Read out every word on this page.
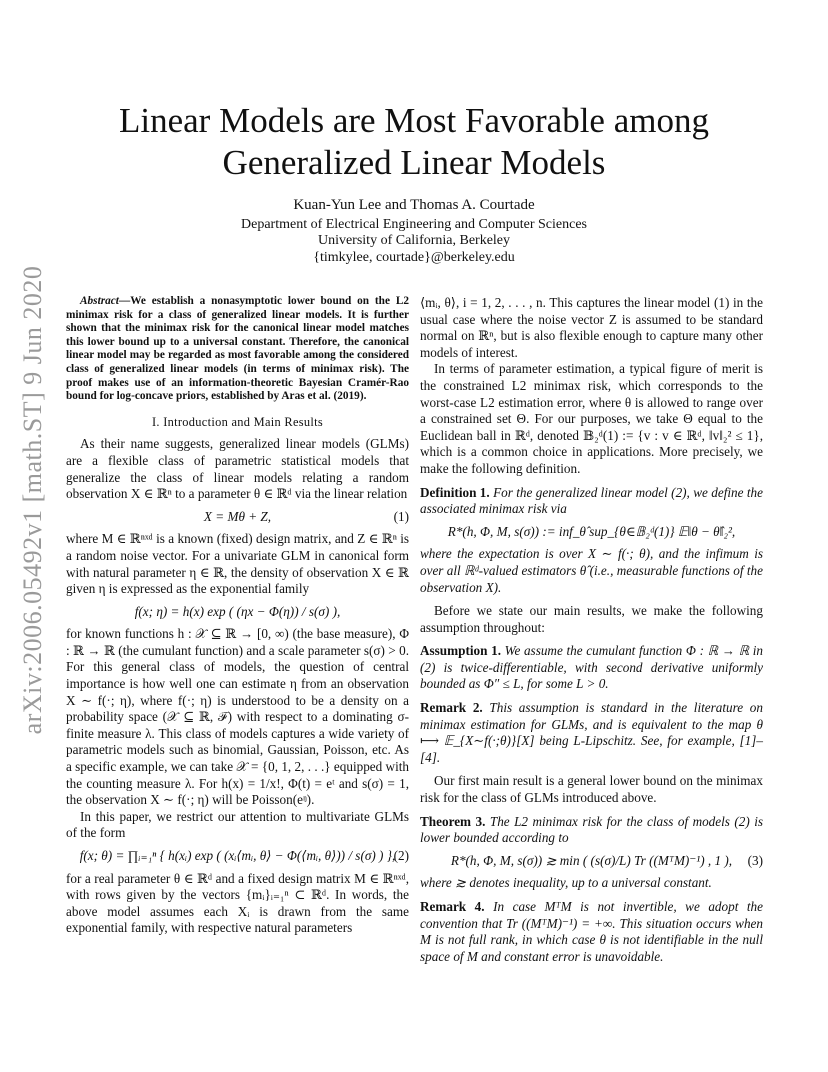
arXiv:2006.05492v1 [math.ST] 9 Jun 2020
Linear Models are Most Favorable among
Generalized Linear Models
Kuan-Yun Lee and Thomas A. Courtade
Department of Electrical Engineering and Computer Sciences
University of California, Berkeley
{timkylee, courtade}@berkeley.edu

Abstract—We establish a nonasymptotic lower bound on the L2 minimax risk for a class of generalized linear models. It is further shown that the minimax risk for the canonical linear model matches this lower bound up to a universal constant. Therefore, the canonical linear model may be regarded as most favorable among the considered class of generalized linear models (in terms of minimax risk). The proof makes use of an information-theoretic Bayesian Cramér-Rao bound for log-concave priors, established by Aras et al. (2019).

I. Introduction and Main Results

As their name suggests, generalized linear models (GLMs) are a flexible class of parametric statistical models that generalize the class of linear models relating a random observation X ∈ ℝⁿ to a parameter θ ∈ ℝᵈ via the linear relation

X = Mθ + Z,	(1)

where M ∈ ℝⁿˣᵈ is a known (fixed) design matrix, and Z ∈ ℝⁿ is a random noise vector. For a univariate GLM in canonical form with natural parameter η ∈ ℝ, the density of observation X ∈ ℝ given η is expressed as the exponential family

f(x; η) = h(x) exp ( (ηx − Φ(η)) / s(σ) ),

for known functions h : 𝒳 ⊆ ℝ → [0, ∞) (the base measure), Φ : ℝ → ℝ (the cumulant function) and a scale parameter s(σ) > 0. For this general class of models, the question of central importance is how well one can estimate η from an observation X ∼ f(·; η), where f(·; η) is understood to be a density on a probability space (𝒳 ⊆ ℝ, ℱ) with respect to a dominating σ-finite measure λ. This class of models captures a wide variety of parametric models such as binomial, Gaussian, Poisson, etc. As a specific example, we can take 𝒳 = {0, 1, 2, . . .} equipped with the counting measure λ. For h(x) = 1/x!, Φ(t) = eᵗ and s(σ) = 1, the observation X ∼ f(·; η) will be Poisson(eᵑ).

In this paper, we restrict our attention to multivariate GLMs of the form

f(x; θ) = ∏ᵢ₌₁ⁿ { h(xᵢ) exp ( (xᵢ⟨mᵢ, θ⟩ − Φ(⟨mᵢ, θ⟩)) / s(σ) ) },
(2)

for a real parameter θ ∈ ℝᵈ and a fixed design matrix M ∈ ℝⁿˣᵈ, with rows given by the vectors {mᵢ}ᵢ₌₁ⁿ ⊂ ℝᵈ. In words, the above model assumes each Xᵢ is drawn from the same exponential family, with respective natural parameters

⟨mᵢ, θ⟩, i = 1, 2, . . . , n. This captures the linear model (1) in the usual case where the noise vector Z is assumed to be standard normal on ℝⁿ, but is also flexible enough to capture many other models of interest.

In terms of parameter estimation, a typical figure of merit is the constrained L2 minimax risk, which corresponds to the worst-case L2 estimation error, where θ is allowed to range over a constrained set Θ. For our purposes, we take Θ equal to the Euclidean ball in ℝᵈ, denoted 𝔹₂ᵈ(1) := {v : v ∈ ℝᵈ, ‖v‖₂² ≤ 1}, which is a common choice in applications. More precisely, we make the following definition.

Definition 1. For the generalized linear model (2), we define the associated minimax risk via

R*(h, Φ, M, s(σ)) := inf_θ̂ sup_{θ∈𝔹₂ᵈ(1)} 𝔼‖θ − θ̂‖₂²,

where the expectation is over X ∼ f(·; θ), and the infimum is over all ℝᵈ-valued estimators θ̂ (i.e., measurable functions of the observation X).

Before we state our main results, we make the following assumption throughout:

Assumption 1. We assume the cumulant function Φ : ℝ → ℝ in (2) is twice-differentiable, with second derivative uniformly bounded as Φ″ ≤ L, for some L > 0.

Remark 2. This assumption is standard in the literature on minimax estimation for GLMs, and is equivalent to the map θ ⟼ 𝔼_{X∼f(·;θ)}[X] being L-Lipschitz. See, for example, [1]–[4].

Our first main result is a general lower bound on the minimax risk for the class of GLMs introduced above.

Theorem 3. The L2 minimax risk for the class of models (2) is lower bounded according to

R*(h, Φ, M, s(σ)) ≳ min ( (s(σ)/L) Tr ((MᵀM)⁻¹) , 1 ), (3)

where ≳ denotes inequality, up to a universal constant.

Remark 4. In case MᵀM is not invertible, we adopt the convention that Tr ((MᵀM)⁻¹) = +∞. This situation occurs when M is not full rank, in which case θ is not identifiable in the null space of M and constant error is unavoidable.
